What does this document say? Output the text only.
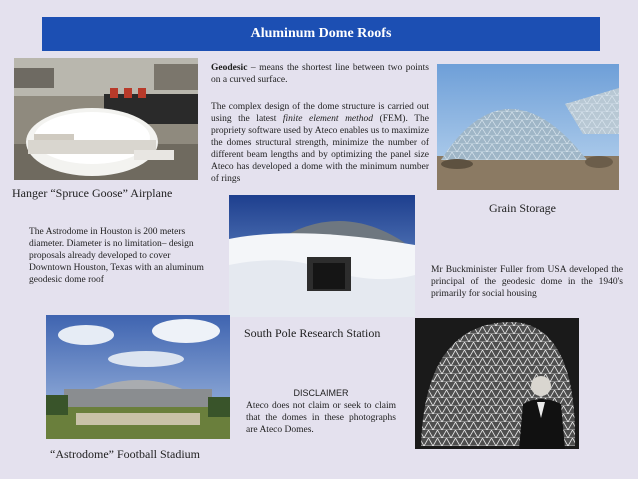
Aluminum Dome Roofs
Hanger “Spruce Goose” Airplane
Geodesic – means the shortest line between two points on a curved surface.
The complex design of the dome structure is carried out using the latest finite element method (FEM). The propriety software used by Ateco enables us to maximize the domes structural strength, minimize the number of different beam lengths and by optimizing the panel size Ateco has developed a dome with the minimum number of rings
Grain Storage
South Pole Research Station
The Astrodome in Houston is 200 meters diameter. Diameter is no limitation– design proposals already developed to cover Downtown Houston, Texas with an aluminum geodesic dome roof
Mr Buckminister Fuller from USA developed the principal of the geodesic dome in the 1940's primarily for social housing
“Astrodome” Football Stadium
DISCLAIMER
Ateco does not claim or seek to claim that the domes in these photographs are Ateco Domes.
